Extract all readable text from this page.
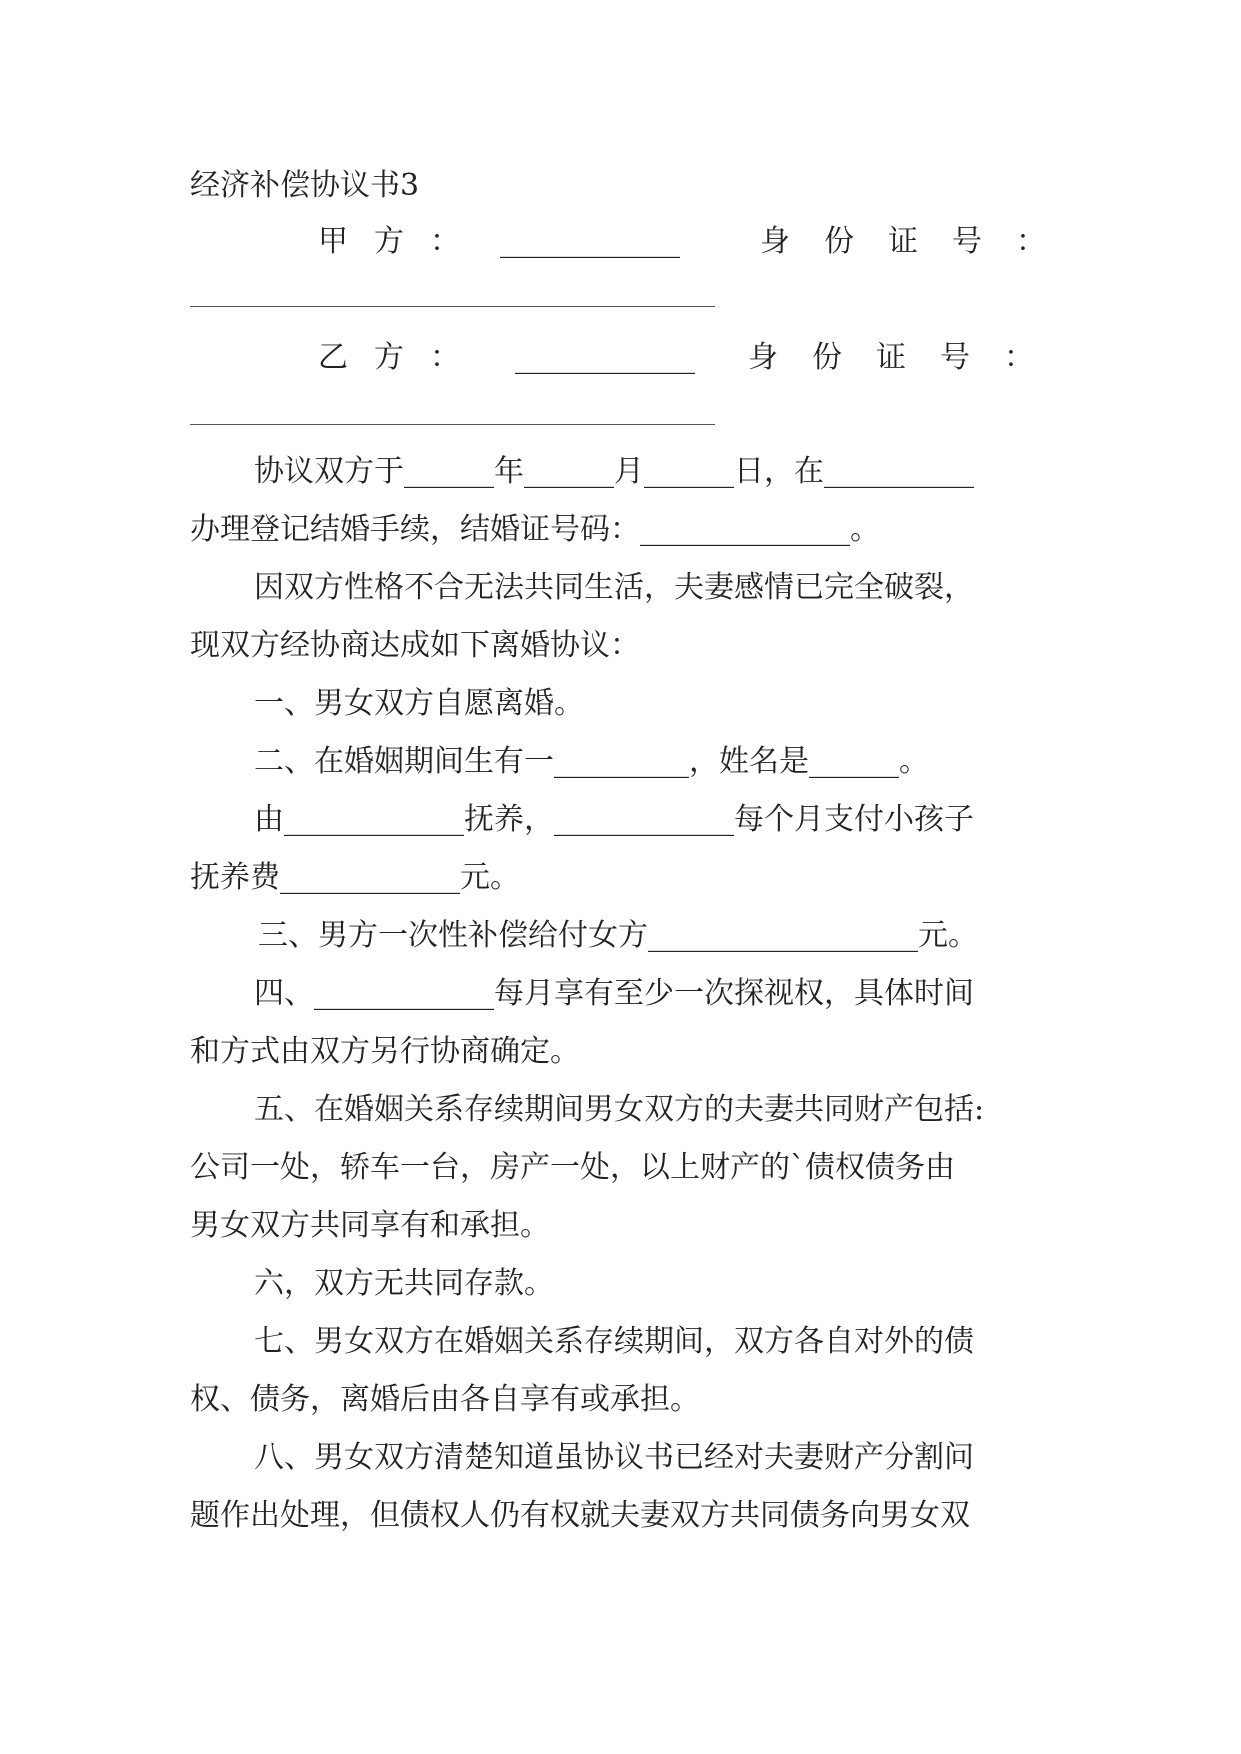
经济补偿协议书3
甲方： ____________	身份证号：
乙方： ____________ 身份证号：
协议双方于______年______月______日，在__________
办理登记结婚手续，结婚证号码：______________。
因双方性格不合无法共同生活，夫妻感情已完全破裂，
现双方经协商达成如下离婚协议：
一、男女双方自愿离婚。
二、在婚姻期间生有一_________，姓名是______。
由____________抚养，____________每个月支付小孩子
抚养费____________元。
三、男方一次性补偿给付女方__________________元。
四、____________每月享有至少一次探视权，具体时间
和方式由双方另行协商确定。
五、在婚姻关系存续期间男女双方的夫妻共同财产包括:
公司一处，轿车一台，房产一处，以上财产的`债权债务由
男女双方共同享有和承担。
六，双方无共同存款。
七、男女双方在婚姻关系存续期间，双方各自对外的债
权、债务，离婚后由各自享有或承担。
八、男女双方清楚知道虽协议书已经对夫妻财产分割问
题作出处理，但债权人仍有权就夫妻双方共同债务向男女双
